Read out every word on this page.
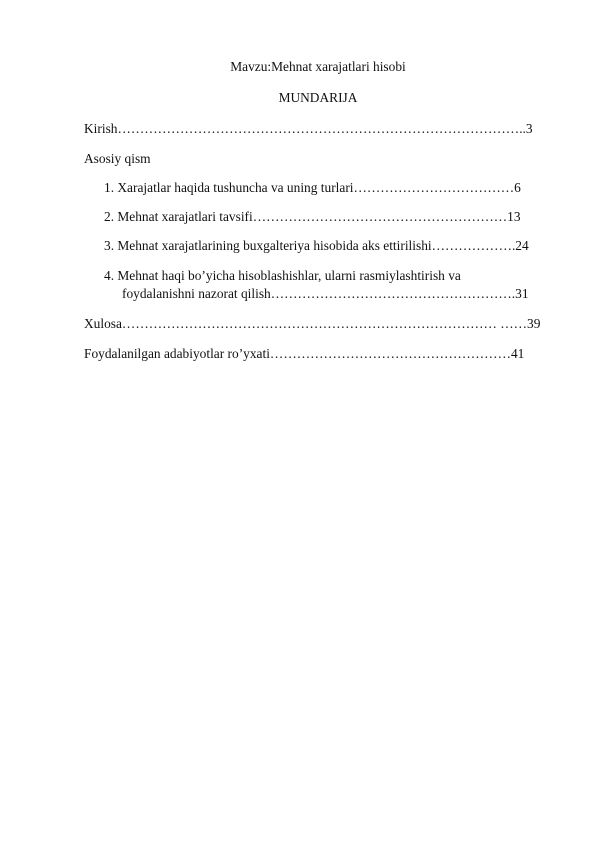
Mavzu:Mehnat xarajatlari hisobi
MUNDARIJA
Kirish………………………………………………………………………………..3
Asosiy qism
1. Xarajatlar haqida tushuncha va uning turlari………………………………6
2. Mehnat xarajatlari tavsifi…………………………………………………13
3. Mehnat xarajatlarining buxgalteriya hisobida aks ettirilishi……………….24
4. Mehnat haqi bo’yicha hisoblashishlar, ularni rasmiylashtirish va
foydalanishni nazorat qilish……………………………………………….31
Xulosa………………………………………………………………………… ……39
Foydalanilgan adabiyotlar ro’yxati………………………………………………41
